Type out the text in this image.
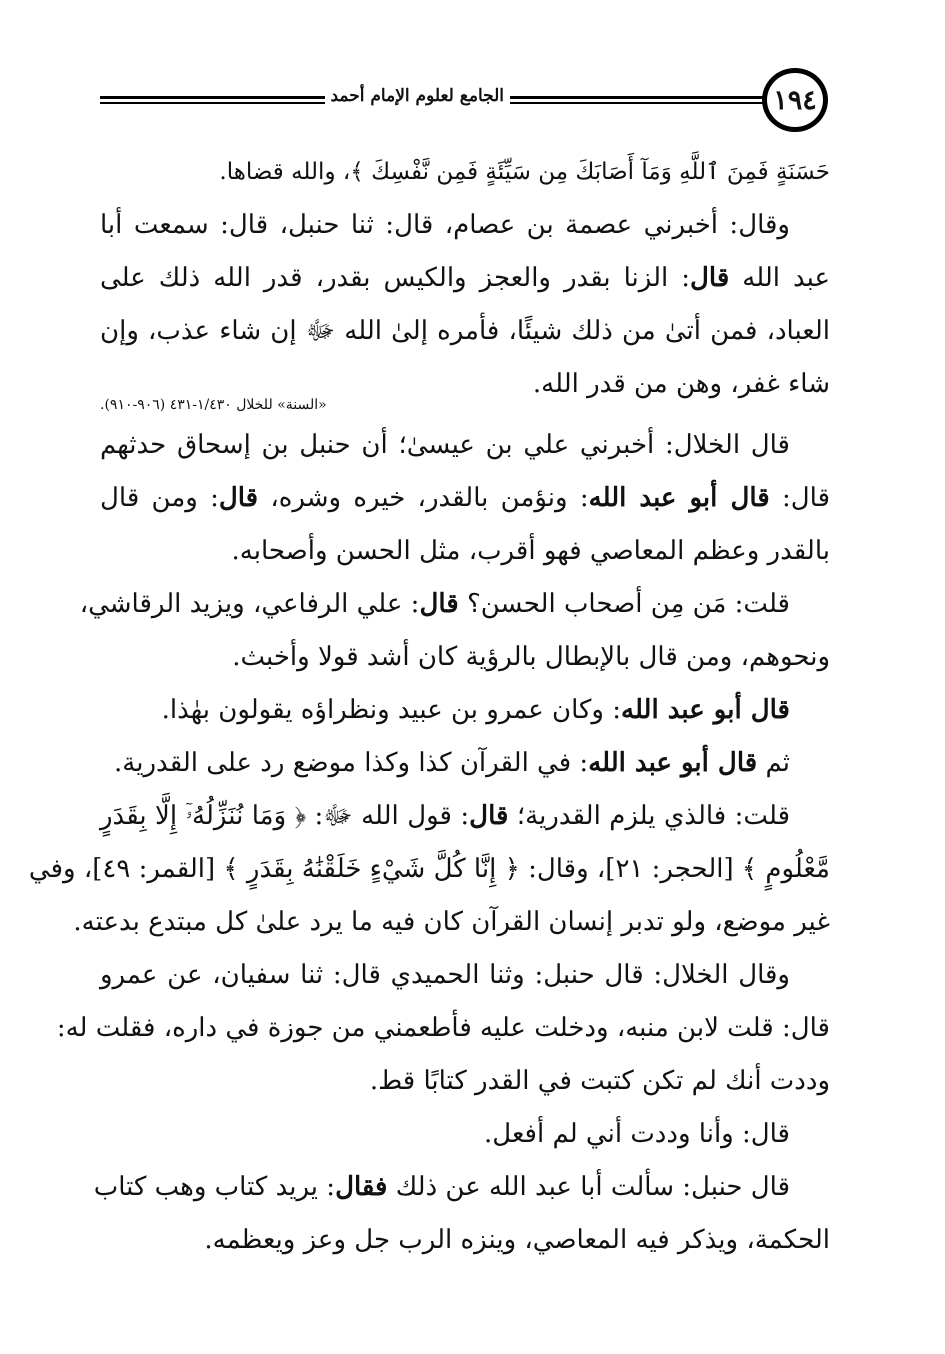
١٩٤
الجامع لعلوم الإمام أحمد
حَسَنَةٍ فَمِنَ ٱللَّهِ وَمَآ أَصَابَكَ مِن سَيِّئَةٍ فَمِن نَّفْسِكَ ﴾، والله قضاها.
وقال: أخبرني عصمة بن عصام، قال: ثنا حنبل، قال: سمعت أبا
عبد الله قال: الزنا بقدر والعجز والكيس بقدر، قدر الله ذلك على
العباد، فمن أتىٰ من ذلك شيئًا، فأمره إلىٰ الله ﷻ إن شاء عذب، وإن
شاء غفر، وهن من قدر الله.
«السنة» للخلال ١/٤٣٠-٤٣١ (٩٠٦-٩١٠).
قال الخلال: أخبرني علي بن عيسىٰ؛ أن حنبل بن إسحاق حدثهم
قال: قال أبو عبد الله: ونؤمن بالقدر، خيره وشره، قال: ومن قال
بالقدر وعظم المعاصي فهو أقرب، مثل الحسن وأصحابه.
قلت: مَن مِن أصحاب الحسن؟ قال: علي الرفاعي، ويزيد الرقاشي،
ونحوهم، ومن قال بالإبطال بالرؤية كان أشد قولا وأخبث.
قال أبو عبد الله: وكان عمرو بن عبيد ونظراؤه يقولون بهٰذا.
ثم قال أبو عبد الله: في القرآن كذا وكذا موضع رد على القدرية.
قلت: فالذي يلزم القدرية؛ قال: قول الله ﷻ: ﴿ وَمَا نُنَزِّلُهُۥٓ إِلَّا بِقَدَرٍ
مَّعْلُومٍ ﴾ [الحجر: ٢١]، وقال: ﴿ إِنَّا كُلَّ شَيْءٍ خَلَقْنَٰهُ بِقَدَرٍ ﴾ [القمر: ٤٩]، وفي
غير موضع، ولو تدبر إنسان القرآن كان فيه ما يرد علىٰ كل مبتدع بدعته.
وقال الخلال: قال حنبل: وثنا الحميدي قال: ثنا سفيان، عن عمرو
قال: قلت لابن منبه، ودخلت عليه فأطعمني من جوزة في داره، فقلت له:
وددت أنك لم تكن كتبت في القدر كتابًا قط.
قال: وأنا وددت أني لم أفعل.
قال حنبل: سألت أبا عبد الله عن ذلك فقال: يريد كتاب وهب كتاب
الحكمة، ويذكر فيه المعاصي، وينزه الرب جل وعز ويعظمه.
